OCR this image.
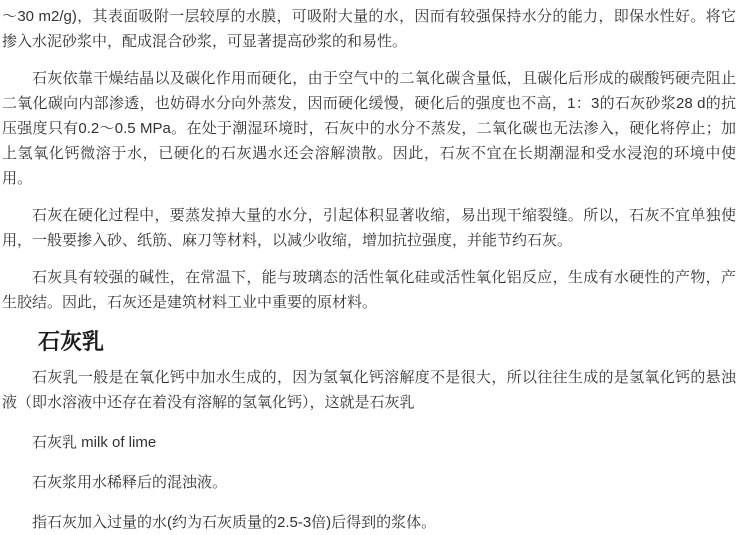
～30 m2/g)，其表面吸附一层较厚的水膜，可吸附大量的水，因而有较强保持水分的能力，即保水性好。将它掺入水泥砂浆中，配成混合砂浆，可显著提高砂浆的和易性。

石灰依靠干燥结晶以及碳化作用而硬化，由于空气中的二氧化碳含量低，且碳化后形成的碳酸钙硬壳阻止二氧化碳向内部渗透，也妨碍水分向外蒸发，因而硬化缓慢，硬化后的强度也不高，1：3的石灰砂浆28 d的抗压强度只有0.2～0.5 MPa。在处于潮湿环境时，石灰中的水分不蒸发，二氧化碳也无法渗入，硬化将停止；加上氢氧化钙微溶于水，已硬化的石灰遇水还会溶解溃散。因此，石灰不宜在长期潮湿和受水浸泡的环境中使用。

石灰在硬化过程中，要蒸发掉大量的水分，引起体积显著收缩，易出现干缩裂缝。所以，石灰不宜单独使用，一般要掺入砂、纸筋、麻刀等材料，以减少收缩，增加抗拉强度，并能节约石灰。

石灰具有较强的碱性，在常温下，能与玻璃态的活性氧化硅或活性氧化铝反应，生成有水硬性的产物，产生胶结。因此，石灰还是建筑材料工业中重要的原材料。

石灰乳

石灰乳一般是在氧化钙中加水生成的，因为氢氧化钙溶解度不是很大，所以往往生成的是氢氧化钙的悬浊液（即水溶液中还存在着没有溶解的氢氧化钙），这就是石灰乳

石灰乳 milk of lime

石灰浆用水稀释后的混浊液。

指石灰加入过量的水(约为石灰质量的2.5-3倍)后得到的浆体。
